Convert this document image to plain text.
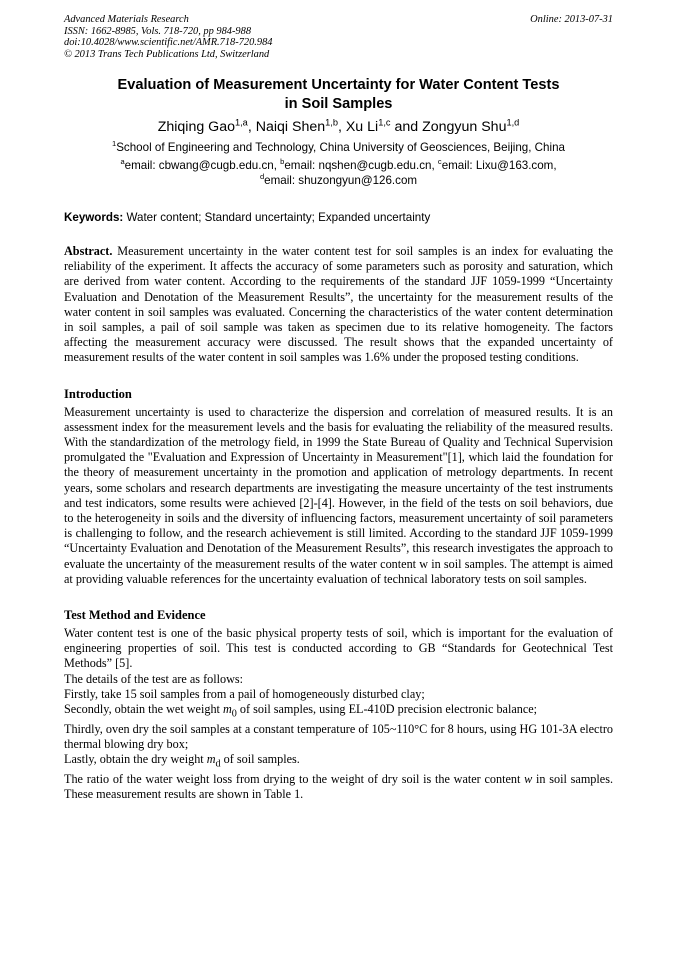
Advanced Materials Research
ISSN: 1662-8985, Vols. 718-720, pp 984-988
doi:10.4028/www.scientific.net/AMR.718-720.984
© 2013 Trans Tech Publications Ltd, Switzerland
Online: 2013-07-31
Evaluation of Measurement Uncertainty for Water Content Tests
in Soil Samples
Zhiqing Gao$^{1,a}$, Naiqi Shen$^{1,b}$, Xu Li$^{1,c}$ and Zongyun Shu$^{1,d}$
$^1$School of Engineering and Technology, China University of Geosciences, Beijing, China
$^a$email: cbwang@cugb.edu.cn, $^b$email: nqshen@cugb.edu.cn, $^c$email: Lixu@163.com,
$^d$email: shuzongyun@126.com
Keywords: Water content; Standard uncertainty; Expanded uncertainty

Abstract. Measurement uncertainty in the water content test for soil samples is an index for evaluating the reliability of the experiment. It affects the accuracy of some parameters such as porosity and saturation, which are derived from water content. According to the requirements of the standard JJF 1059-1999 “Uncertainty Evaluation and Denotation of the Measurement Results”, the uncertainty for the measurement results of the water content in soil samples was evaluated. Concerning the characteristics of the water content determination in soil samples, a pail of soil sample was taken as specimen due to its relative homogeneity. The factors affecting the measurement accuracy were discussed. The result shows that the expanded uncertainty of measurement results of the water content in soil samples was 1.6% under the proposed testing conditions.

Introduction

Measurement uncertainty is used to characterize the dispersion and correlation of measured results. It is an assessment index for the measurement levels and the basis for evaluating the reliability of the measured results. With the standardization of the metrology field, in 1999 the State Bureau of Quality and Technical Supervision promulgated the "Evaluation and Expression of Uncertainty in Measurement"[1], which laid the foundation for the theory of measurement uncertainty in the promotion and application of metrology departments. In recent years, some scholars and research departments are investigating the measure uncertainty of the test instruments and test indicators, some results were achieved [2]-[4]. However, in the field of the tests on soil behaviors, due to the heterogeneity in soils and the diversity of influencing factors, measurement uncertainty of soil parameters is challenging to follow, and the research achievement is still limited. According to the standard JJF 1059-1999 “Uncertainty Evaluation and Denotation of the Measurement Results”, this research investigates the approach to evaluate the uncertainty of the measurement results of the water content w in soil samples. The attempt is aimed at providing valuable references for the uncertainty evaluation of technical laboratory tests on soil samples.

Test Method and Evidence

Water content test is one of the basic physical property tests of soil, which is important for the evaluation of engineering properties of soil. This test is conducted according to GB “Standards for Geotechnical Test Methods” [5].

The details of the test are as follows:

Firstly, take 15 soil samples from a pail of homogeneously disturbed clay;

Secondly, obtain the wet weight $m_0$ of soil samples, using EL-410D precision electronic balance;

Thirdly, oven dry the soil samples at a constant temperature of 105~110°C for 8 hours, using HG 101-3A electro thermal blowing dry box;

Lastly, obtain the dry weight $m_d$ of soil samples.

The ratio of the water weight loss from drying to the weight of dry soil is the water content w in soil samples. These measurement results are shown in Table 1.
